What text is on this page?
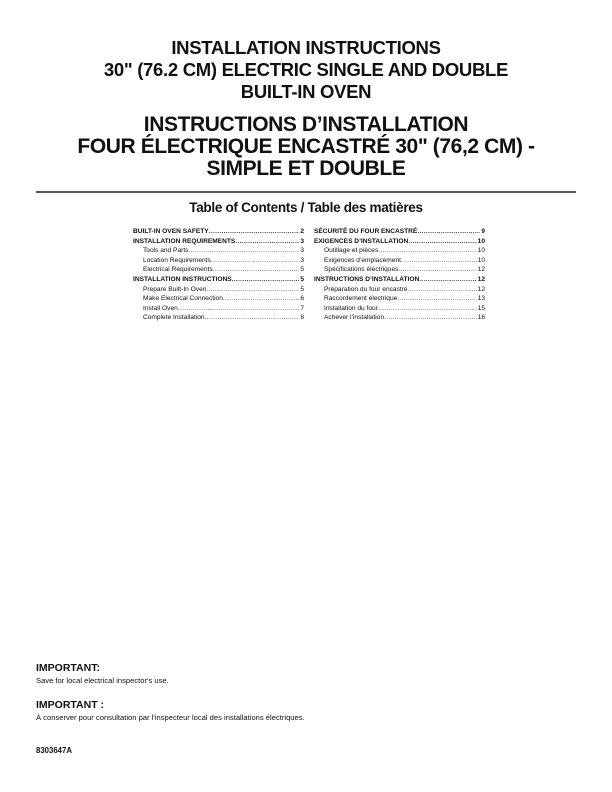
INSTALLATION INSTRUCTIONS
30" (76.2 CM) ELECTRIC SINGLE AND DOUBLE
BUILT-IN OVEN
INSTRUCTIONS D’INSTALLATION
FOUR ÉLECTRIQUE ENCASTRÉ 30" (76,2 CM) -
SIMPLE ET DOUBLE
Table of Contents / Table des matières
BUILT-IN OVEN SAFETY .....	2
INSTALLATION REQUIREMENTS .....	3
Tools and Parts .....	3
Location Requirements .....	3
Electrical Requirements .....	5
INSTALLATION INSTRUCTIONS .....	5
Prepare Built-In Oven .....	5
Make Electrical Connection .....	6
Install Oven .....	7
Complete Installation .....	8
SÉCURITÉ DU FOUR ENCASTRÉ .....	9
EXIGENCES D’INSTALLATION .....	10
Outillage et pièces .....	10
Exigences d’emplacement .....	10
Spécifications électriques .....	12
INSTRUCTIONS D’INSTALLATION .....	12
Préparation du four encastré .....	12
Raccordement électrique .....	13
Installation du four .....	15
Achever l’installation .....	16
IMPORTANT:

Save for local electrical inspector's use.

IMPORTANT :

À conserver pour consultation par l'inspecteur local des installations électriques.

8303647A
